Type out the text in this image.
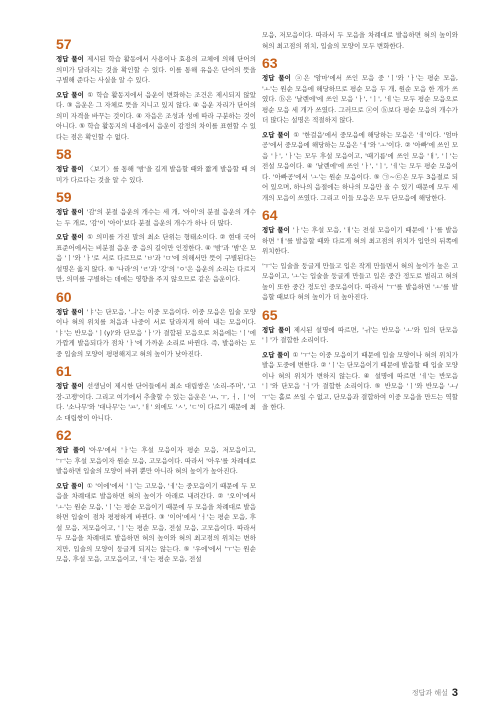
57

정답 풀이 제시된 학습 활동에서 사용이나 효용의 교체에 의해 단어의 의미가 달라지는 것을 확인할 수 있다. 이를 통해 유음은 단어의 뜻을 구별해 준다는 사실을 알 수 있다.

오답 풀이 ① 학습 활동지에서 음운이 변화하는 조건은 제시되지 않았다. ③ 음운은 그 자체로 뜻을 지니고 있지 않다. ④ 음운 자리가 단어의 의미 자격을 바꾸는 것이다. ④ 자음은 조성과 성에 따라 구분하는 것이 아니다. ⑤ 학습 활동지의 내용에서 음운이 감정의 차이를 표현할 수 있다는 점은 확인할 수 없다.

58

정답 풀이 〈보기〉를 통해 '밤'을 길게 발음할 때와 짧게 발음할 때 의미가 다르다는 것을 알 수 있다.

59

정답 풀이 '감'의 분절 음운의 개수는 세 개, '아이'의 분절 음운의 개수는 두 개로, '감'이 '아이'보다 분절 음운의 개수가 하나 더 많다.

오답 풀이 ① 의미를 가진 말의 최소 단위는 형태소이다. ② 현대 국어 표준어에서는 비분절 음운 중 음의 길이만 인정한다. ④ '밤'과 '밤'은 모음 'ㅣ'와 'ㅏ'로 서로 다르므로 'ㅂ'과 'ㅁ'에 의해서만 뜻이 구별된다는 설명은 옳지 않다. ⑤ '나라'의 'ㄹ'과 '강'의 'ㅇ'은 음운의 소리는 다르지만, 의미를 구별하는 데에는 영향을 주지 않으므로 같은 음운이다.

60

정답 풀이 'ㅑ'는 단모음, 'ㅢ'는 이중 모음이다. 이중 모음은 입술 모양이나 혀의 위치를 처음과 나중이 서로 달라지게 하여 내는 모음이다. 'ㅑ'는 반모음 'ㅣ(y)'와 단모음 'ㅏ'가 결합된 모음으로 처음에는 'ㅣ'에 가깝게 발음되다가 점차 'ㅏ'에 가까운 소리로 바뀐다. 즉, 발음하는 도중 입술의 모양이 평평해지고 혀의 높이가 낮아진다.

61

정답 풀이 선생님이 제시한 단어들에서 최소 대립쌍은 '소리-주머', '고장-고쟁'이다. 그리고 여기에서 추출할 수 있는 음운은 'ㅛ, ㅜ, ㅓ, ㅣ'이다. '소나무'와 '대나무'는 'ㅛ', 'ㅐ' 외에도 'ㅅ', 'ㄷ'이 다르기 때문에 최소 대립쌍이 아니다.

62

정답 풀이 '아우'에서 'ㅏ'는 후설 모음이자 평순 모음, 저모음이고, 'ㅜ'는 후설 모음이자 원순 모음, 고모음이다. 따라서 '아우'를 차례대로 발음하면 입술의 모양이 바뀌 뿐만 아니라 혀의 높이가 높아진다.

오답 풀이 ① '이에'에서 'ㅣ'는 고모음, 'ㅔ'는 중모음이기 때문에 두 모음을 차례대로 발음하면 혀의 높이가 아래로 내려간다. ② '오이'에서 'ㅗ'는 원순 모음, 'ㅣ'는 평순 모음이기 때문에 두 모음을 차례대로 발음하면 입술이 점차 평평하게 바뀐다. ③ '이어'에서 'ㅓ'는 평순 모음, 후설 모음, 저모음이고, 'ㅣ'는 평순 모음, 전설 모음, 고모음이다. 따라서 두 모음을 차례대로 발음하면 혀의 높이와 혀의 최고점의 위치는 변하지만, 입술의 모양이 둥글게 되지는 않는다. ⑤ '우에'에서 'ㅜ'는 원순 모음, 후설 모음, 고모음이고, 'ㅔ'는 평순 모음, 전설

모음, 저모음이다. 따라서 두 모음을 차례대로 발음하면 혀의 높이와 혀의 최고점의 위치, 입술의 모양이 모두 변화한다.

63

정답 풀이 ⓐ은 '암마'에서 쓰인 모음 중 'ㅣ'와 'ㅏ'는 평순 모음, 'ㅗ'는 원순 모음에 해당하므로 평순 모음 두 개, 원순 모음 한 개가 쓰였다. ⓑ은 '날렌에'에 쓰인 모음 'ㅏ', 'ㅣ', 'ㅔ'는 모두 평순 모음으로 평순 모음 세 개가 쓰였다. 그러므로 ⓐ이 ⓑ보다 평순 모음의 개수가 더 많다는 설명은 적절하지 않다.

오답 풀이 ① '한걸음'에서 중모음에 해당하는 모음은 'ㅔ'이다. '엄마공'에서 중모음에 해당하는 모음은 'ㅔ'와 'ㅗ'이다. ② '아빠'에 쓰인 모음 'ㅏ', 'ㅏ'는 모두 후설 모음이고, '때기름'에 쓰인 모음 'ㅐ', 'ㅣ'는 전설 모음이다. ④ '날렌에'에 쓰인 'ㅏ', 'ㅣ', 'ㅔ'는 모두 평순 모음이다. '아빠공'에서 'ㅗ'는 원순 모음이다. ⑤ ㉠~㉢은 모두 3음절로 되어 있으며, 하나의 음절에는 하나의 모음만 올 수 있기 때문에 모두 세 개의 모음이 쓰였다. 그리고 이들 모음은 모두 단모음에 해당한다.

64

정답 풀이 'ㅏ'는 후설 모음, 'ㅐ'는 전설 모음이기 때문에 'ㅏ'를 발음하면 'ㅐ'를 발음할 때와 다르게 혀의 최고점의 위치가 입안의 뒤쪽에 위치한다.

'ㅜ'는 입술을 둥글게 만들고 입은 작게 만들면서 혀의 높이가 높은 고모음이고, 'ㅗ'는 입술을 둥글게 만들고 입은 중간 정도로 벌리고 혀의 높이 또한 중간 정도인 중모음이다. 따라서 'ㅜ'를 발음하면 'ㅗ'를 발음할 때보다 혀의 높이가 더 높아진다.

65

정답 풀이 제시된 설명에 따르면, 'ㅟ'는 반모음 'ㅗ'와 입의 단모음 'ㅣ'가 결합한 소리이다.

오답 풀이 ① 'ㅜ'는 이중 모음이기 때문에 입술 모양이나 혀의 위치가 발음 도중에 변한다. ② 'ㅣ'는 단모음이기 때문에 발음할 때 입술 모양이나 혀의 위치가 변하지 않는다. ④ 설명에 따르면 'ㅔ'는 반모음 'ㅣ'와 단모음 'ㅓ'가 결합한 소리이다. ⑤ 반모음 'ㅣ'와 반모음 'ㅗ/ㅜ'는 홀로 쓰일 수 없고, 단모음과 결합하여 이중 모음을 만드는 역할을 한다.

정답과 해설 3
